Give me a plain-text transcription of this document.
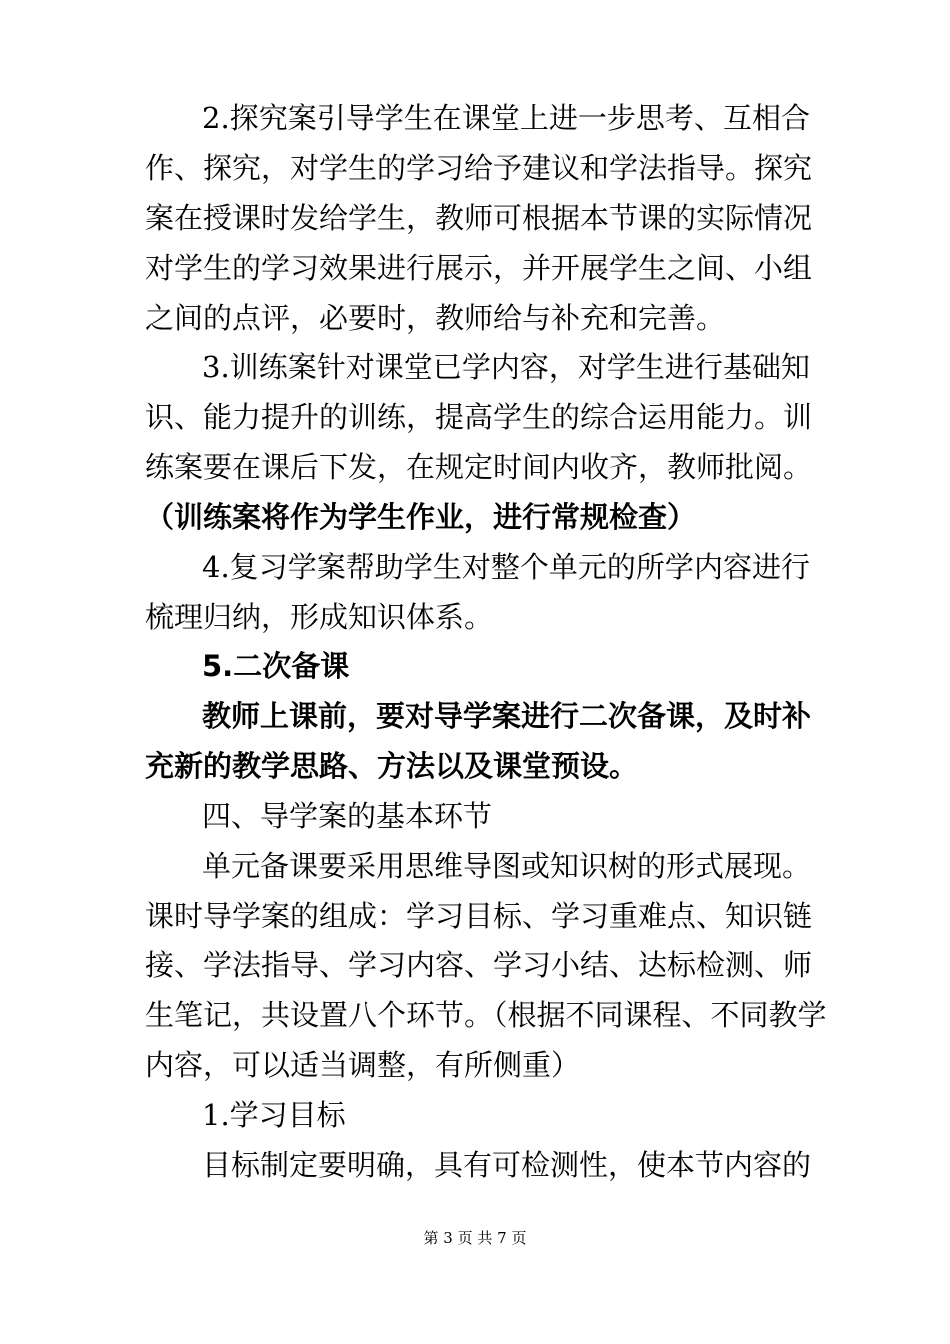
2.探究案引导学生在课堂上进一步思考、互相合
作、探究，对学生的学习给予建议和学法指导。探究
案在授课时发给学生，教师可根据本节课的实际情况
对学生的学习效果进行展示，并开展学生之间、小组
之间的点评，必要时，教师给与补充和完善。
3.训练案针对课堂已学内容，对学生进行基础知
识、能力提升的训练，提高学生的综合运用能力。训
练案要在课后下发，在规定时间内收齐，教师批阅。
（训练案将作为学生作业，进行常规检查）
4.复习学案帮助学生对整个单元的所学内容进行
梳理归纳，形成知识体系。
5.二次备课
教师上课前，要对导学案进行二次备课，及时补
充新的教学思路、方法以及课堂预设。
四、导学案的基本环节
单元备课要采用思维导图或知识树的形式展现。
课时导学案的组成：学习目标、学习重难点、知识链
接、学法指导、学习内容、学习小结、达标检测、师
生笔记，共设置八个环节。（根据不同课程、不同教学
内容，可以适当调整，有所侧重）
1.学习目标
目标制定要明确，具有可检测性，使本节内容的
第 3 页 共 7 页
